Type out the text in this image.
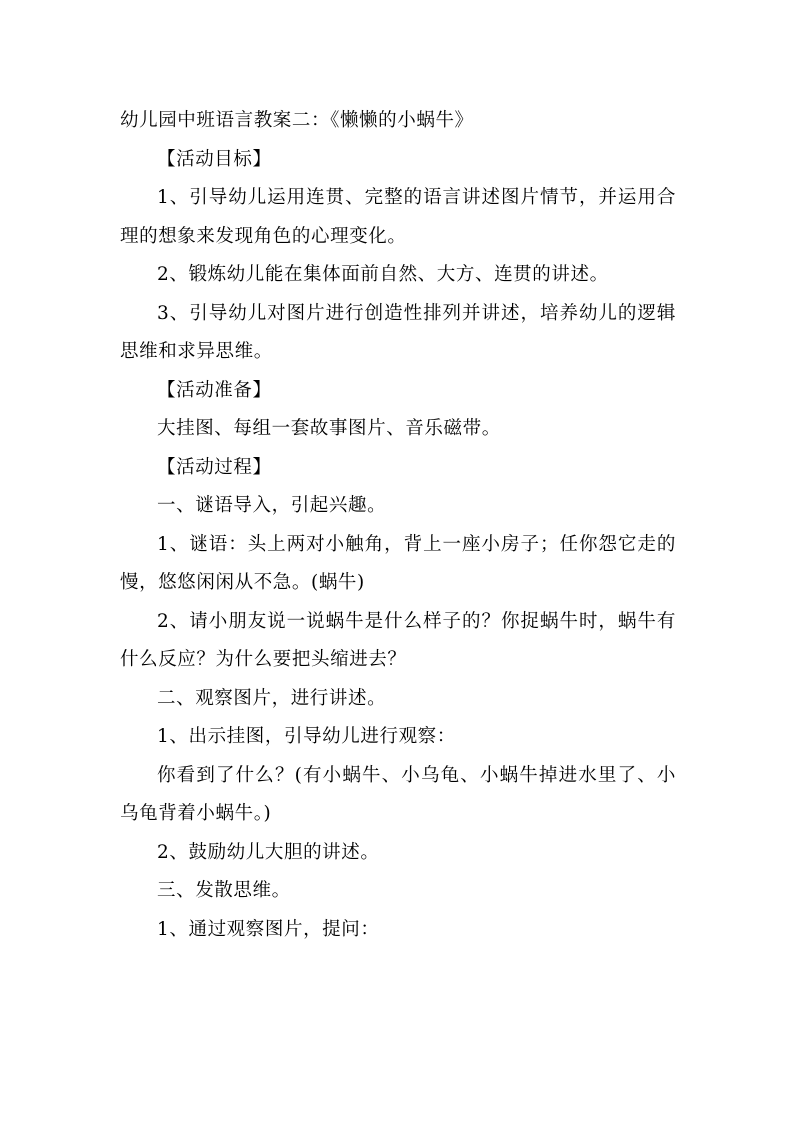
幼儿园中班语言教案二：《懒懒的小蜗牛》

【活动目标】

1、引导幼儿运用连贯、完整的语言讲述图片情节，并运用合理的想象来发现角色的心理变化。

2、锻炼幼儿能在集体面前自然、大方、连贯的讲述。

3、引导幼儿对图片进行创造性排列并讲述，培养幼儿的逻辑思维和求异思维。

【活动准备】

大挂图、每组一套故事图片、音乐磁带。

【活动过程】

一、谜语导入，引起兴趣。

1、谜语：头上两对小触角，背上一座小房子；任你怨它走的慢，悠悠闲闲从不急。(蜗牛)

2、请小朋友说一说蜗牛是什么样子的？你捉蜗牛时，蜗牛有什么反应？为什么要把头缩进去？

二、观察图片，进行讲述。

1、出示挂图，引导幼儿进行观察：

你看到了什么？(有小蜗牛、小乌龟、小蜗牛掉进水里了、小乌龟背着小蜗牛。)

2、鼓励幼儿大胆的讲述。

三、发散思维。

1、通过观察图片，提问：
